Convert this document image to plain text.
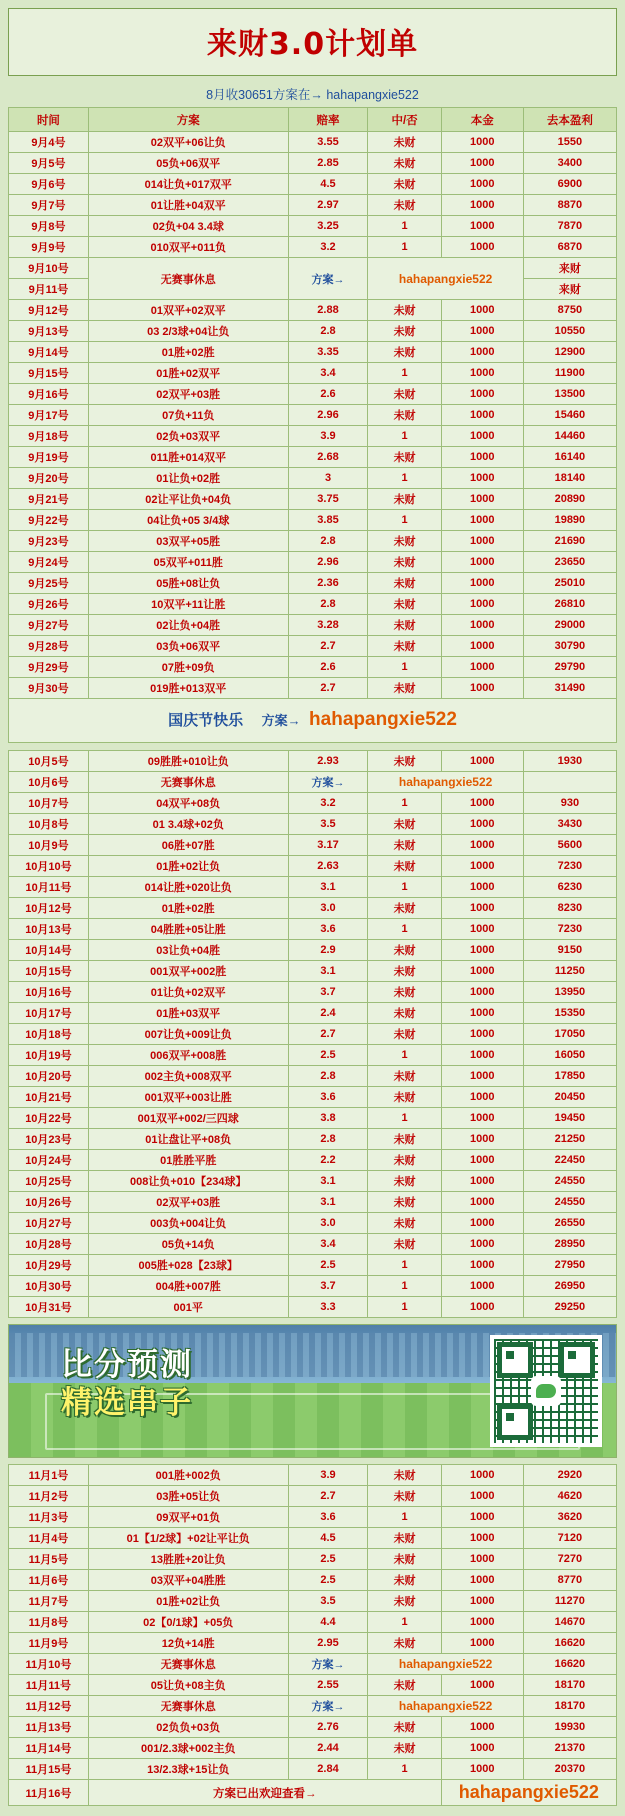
来财3.0计划单
8月收30651方案在→ hahapangxie522
时间	方案	赔率	中/否	本金	去本盈利
9月4号	02双平+06让负	3.55	未财	1000	1550
9月5号	05负+06双平	2.85	未财	1000	3400
9月6号	014让负+017双平	4.5	未财	1000	6900
9月7号	01让胜+04双平	2.97	未财	1000	8870
9月8号	02负+04 3.4球	3.25	1	1000	7870
9月9号	010双平+011负	3.2	1	1000	6870
9月10号	无赛事休息	方案→	hahapangxie522		来财
9月11号					来财
9月12号	01双平+02双平	2.88	未财	1000	8750
9月13号	03 2/3球+04让负	2.8	未财	1000	10550
9月14号	01胜+02胜	3.35	未财	1000	12900
9月15号	01胜+02双平	3.4	1	1000	11900
9月16号	02双平+03胜	2.6	未财	1000	13500
9月17号	07负+11负	2.96	未财	1000	15460
9月18号	02负+03双平	3.9	1	1000	14460
9月19号	011胜+014双平	2.68	未财	1000	16140
9月20号	01让负+02胜	3	1	1000	18140
9月21号	02让平让负+04负	3.75	未财	1000	20890
9月22号	04让负+05 3/4球	3.85	1	1000	19890
9月23号	03双平+05胜	2.8	未财	1000	21690
9月24号	05双平+011胜	2.96	未财	1000	23650
9月25号	05胜+08让负	2.36	未财	1000	25010
9月26号	10双平+11让胜	2.8	未财	1000	26810
9月27号	02让负+04胜	3.28	未财	1000	29000
9月28号	03负+06双平	2.7	未财	1000	30790
9月29号	07胜+09负	2.6	1	1000	29790
9月30号	019胜+013双平	2.7	未财	1000	31490
国庆节快乐 方案→ hahapangxie522
10月5号	09胜胜+010让负	2.93	未财	1000	1930
10月6号	无赛事休息	方案→	hahapangxie522		
10月7号	04双平+08负	3.2	1	1000	930
10月8号	01 3.4球+02负	3.5	未财	1000	3430
10月9号	06胜+07胜	3.17	未财	1000	5600
10月10号	01胜+02让负	2.63	未财	1000	7230
10月11号	014让胜+020让负	3.1	1	1000	6230
10月12号	01胜+02胜	3.0	未财	1000	8230
10月13号	04胜胜+05让胜	3.6	1	1000	7230
10月14号	03让负+04胜	2.9	未财	1000	9150
10月15号	001双平+002胜	3.1	未财	1000	11250
10月16号	01让负+02双平	3.7	未财	1000	13950
10月17号	01胜+03双平	2.4	未财	1000	15350
10月18号	007让负+009让负	2.7	未财	1000	17050
10月19号	006双平+008胜	2.5	1	1000	16050
10月20号	002主负+008双平	2.8	未财	1000	17850
10月21号	001双平+003让胜	3.6	未财	1000	20450
10月22号	001双平+002/三四球	3.8	1	1000	19450
10月23号	01让盘让平+08负	2.8	未财	1000	21250
10月24号	01胜胜平胜	2.2	未财	1000	22450
10月25号	008让负+010【234球】	3.1	未财	1000	24550
10月26号	02双平+03胜	3.1	未财	1000	24550
10月27号	003负+004让负	3.0	未财	1000	26550
10月28号	05负+14负	3.4	未财	1000	28950
10月29号	005胜+028【23球】	2.5	1	1000	27950
10月30号	004胜+007胜	3.7	1	1000	26950
10月31号	001平	3.3	1	1000	29250
比分预测
精选串子
11月1号	001胜+002负	3.9	未财	1000	2920
11月2号	03胜+05让负	2.7	未财	1000	4620
11月3号	09双平+01负	3.6	1	1000	3620
11月4号	01【1/2球】+02让平让负	4.5	未财	1000	7120
11月5号	13胜胜+20让负	2.5	未财	1000	7270
11月6号	03双平+04胜胜	2.5	未财	1000	8770
11月7号	01胜+02让负	3.5	未财	1000	11270
11月8号	02【0/1球】+05负	4.4	1	1000	14670
11月9号	12负+14胜	2.95	未财	1000	16620
11月10号	无赛事休息	方案→	hahapangxie522		16620
11月11号	05让负+08主负	2.55	未财	1000	18170
11月12号	无赛事休息	方案→	hahapangxie522		18170
11月13号	02负负+03负	2.76	未财	1000	19930
11月14号	001/2.3球+002主负	2.44	未财	1000	21370
11月15号	13/2.3球+15让负	2.84	1	1000	20370
11月16号	方案已出欢迎查看→			hahapangxie522	
